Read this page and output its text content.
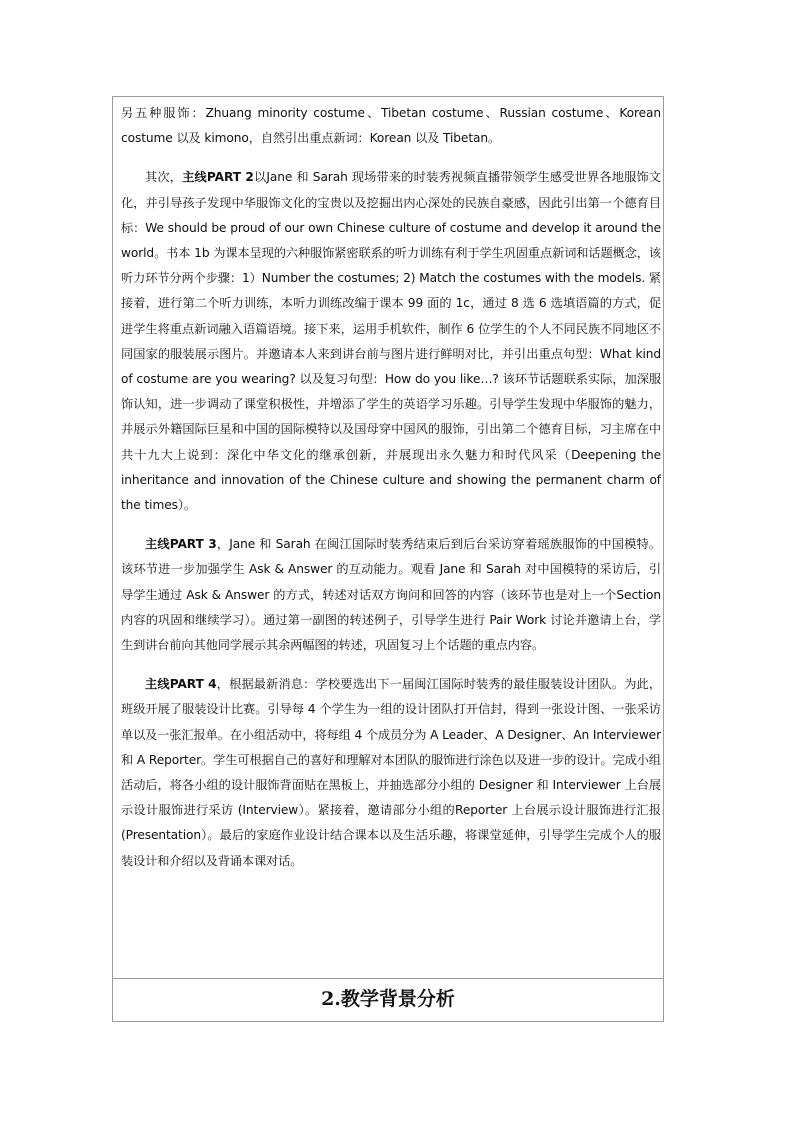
另五种服饰：Zhuang minority costume、Tibetan costume、Russian costume、Korean costume 以及 kimono，自然引出重点新词：Korean 以及 Tibetan。

其次，主线PART 2以Jane 和 Sarah 现场带来的时装秀视频直播带领学生感受世界各地服饰文化，并引导孩子发现中华服饰文化的宝贵以及挖掘出内心深处的民族自豪感，因此引出第一个德育目标：We should be proud of our own Chinese culture of costume and develop it around the world。书本 1b 为课本呈现的六种服饰紧密联系的听力训练有利于学生巩固重点新词和话题概念，该听力环节分两个步骤：1）Number the costumes; 2) Match the costumes with the models. 紧接着，进行第二个听力训练，本听力训练改编于课本 99 面的 1c，通过 8 选 6 选填语篇的方式，促进学生将重点新词融入语篇语境。接下来，运用手机软件，制作 6 位学生的个人不同民族不同地区不同国家的服装展示图片。并邀请本人来到讲台前与图片进行鲜明对比，并引出重点句型：What kind of costume are you wearing? 以及复习句型：How do you like…? 该环节话题联系实际，加深服饰认知，进一步调动了课堂积极性，并增添了学生的英语学习乐趣。引导学生发现中华服饰的魅力，并展示外籍国际巨星和中国的国际模特以及国母穿中国风的服饰，引出第二个德育目标，习主席在中共十九大上说到：深化中华文化的继承创新，并展现出永久魅力和时代风采（Deepening the inheritance and innovation of the Chinese culture and showing the permanent charm of the times）。

主线PART 3，Jane 和 Sarah 在闽江国际时装秀结束后到后台采访穿着瑶族服饰的中国模特。该环节进一步加强学生 Ask & Answer 的互动能力。观看 Jane 和 Sarah 对中国模特的采访后，引导学生通过 Ask & Answer 的方式，转述对话双方询问和回答的内容（该环节也是对上一个Section 内容的巩固和继续学习）。通过第一副图的转述例子，引导学生进行 Pair Work 讨论并邀请上台，学生到讲台前向其他同学展示其余两幅图的转述，巩固复习上个话题的重点内容。

主线PART 4，根据最新消息：学校要选出下一届闽江国际时装秀的最佳服装设计团队。为此，班级开展了服装设计比赛。引导每 4 个学生为一组的设计团队打开信封，得到一张设计图、一张采访单以及一张汇报单。在小组活动中，将每组 4 个成员分为 A Leader、A Designer、An Interviewer 和 A Reporter。学生可根据自己的喜好和理解对本团队的服饰进行涂色以及进一步的设计。完成小组活动后，将各小组的设计服饰背面贴在黑板上，并抽选部分小组的 Designer 和 Interviewer 上台展示设计服饰进行采访 (Interview）。紧接着，邀请部分小组的Reporter 上台展示设计服饰进行汇报 (Presentation）。最后的家庭作业设计结合课本以及生活乐趣，将课堂延伸，引导学生完成个人的服装设计和介绍以及背诵本课对话。

2.教学背景分析
